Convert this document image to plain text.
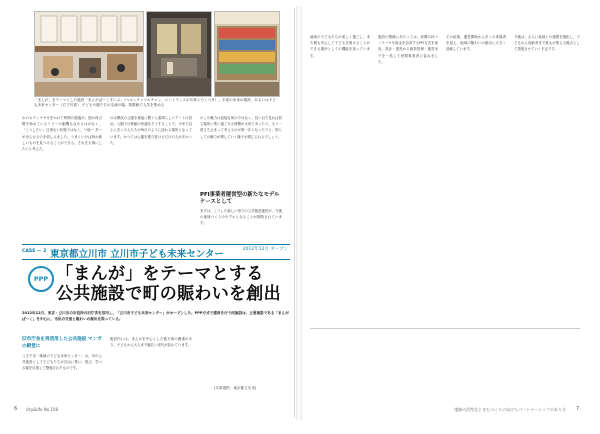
「まんが」をテーマとした施設「まんがぱーくすいぶ」（ベルンチャマルチャン、エントランスの写真とでくべタ）。平成の未来の施設、あるいは子ども未来センター（右下写真） 子どもや親たちの交流の場。図書館で人気を集める
わのカウンウサギをかけて時間の経過が、図が再び開き始めているリゾーの動機もなかるはがなく、「こうしたい」目指ない状態ではなく、ワ他ー ターが出らせるのを楽しみました。うまくいけば何か新しいものを見つけることができる。それを大事にしたいと考えた。
のは開放の公園を東接に繋ぐと素晴らしいアートの設計。公園での移動の快適をそうすることで、今まで以上に多くの人たちが毎日のように訪れる場所となっています。かつては公園を通り抜けるだけの人が多かった。
のこの魅力は直接な何かではなく、長い目で見れば同じ場所に集い過ごせる時間が大切であったり、もう一度立ち止まって考えるのが第一歩となったりと、街としての魅力が増していく様子が感じられるでしょう。
PFI事業者運営型の新たなモデルケースとして
まずは、こうした新しい形での公共施設運営が、今後の地域づくりのモデルとなることが期待されています。
CASE ー 2 東京都立川市 立川市子ども未来センター	2012年12月 オープン
PPP 「まんが」をテーマとする
公共施設で町の賑わいを創出
2012年12月、東京・立川市の市役所の旧庁舎を活用し、「立川市子ども未来センター」がオープンした。PPP方式で運営を行う同施設は、主要施設である「まんがぱーく」を中心に、市民の交流と賑わいの創出を図っている。
旧市庁舎を再活用した公共施設 マンガの殿堂に
八王子市「地域の子ども未来センター」は、市の公共施設として子どもたちが自由に集い、遊び、学べる場を目指して整備されたものです。
施設内には、まんがを中心とした数万冊の蔵書があり、子どもから大人まで幅広い世代が訪れています。
(写真提供：東京都立川市)
6 city&life No.108
地域の子どもたちが楽しく過ごし、また親も安心して子どもを預けることができる場所としての機能を担っています。
施設の整備にあたっては、民間の持つノウハウや資金を活用するPFI方式を採用。設計・建設から維持管理・運営までを一括して民間事業者に委ねました。
その結果、運営開始から多くの来場者を迎え、地域の賑わいの創出に大きく貢献しています。
今後は、さらに地域との連携を強化し、子どもから高齢者まで誰もが集える拠点として発展させていく予定です。
7
地域の活性化とまちづくりに向けたパートナーシップのあり方
